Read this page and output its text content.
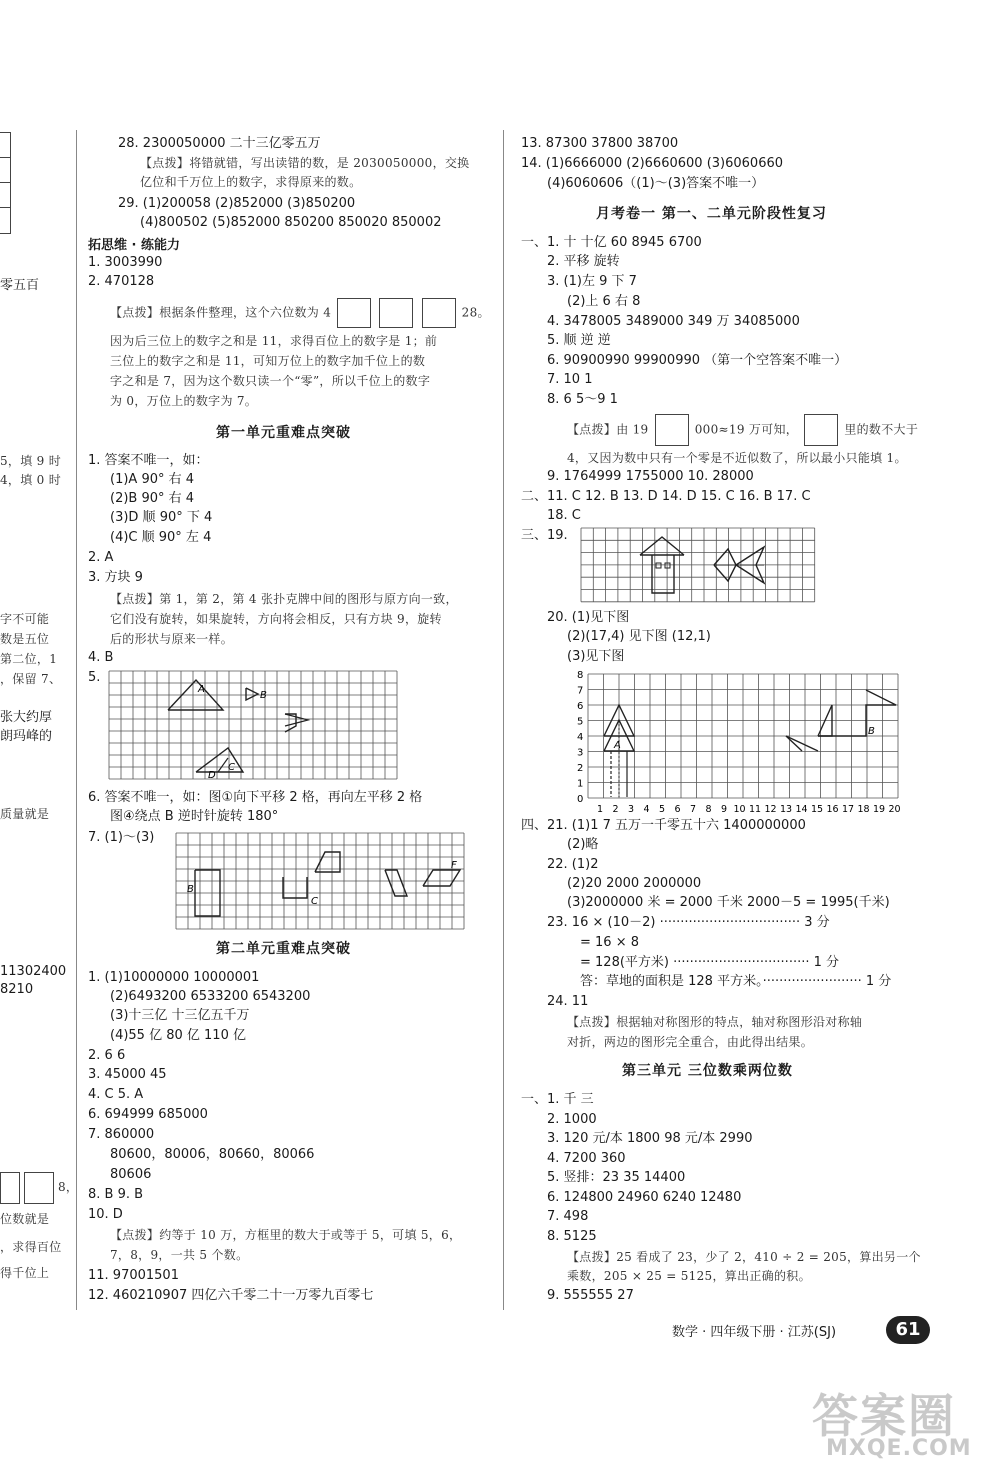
零五百
5，填 9 时
4，填 0 时
字不可能
数是五位
第二位，1
，保留 7、
张大约厚
朗玛峰的
质量就是
11302400
8210
8，
位数就是
，求得百位
得千位上
28. 2300050000 二十三亿零五万
【点拨】将错就错，写出读错的数，是 2030050000，交换
亿位和千万位上的数字，求得原来的数。
29. (1)200058 (2)852000 (3)850200
(4)800502 (5)852000 850200 850020 850002
拓思维 · 练能力
1. 3003990
2. 470128
【点拨】根据条件整理，这个六位数为 4	28。
因为后三位上的数字之和是 11，求得百位上的数字是 1；前
三位上的数字之和是 11，可知万位上的数字加千位上的数
字之和是 7，因为这个数只读一个“零”，所以千位上的数字
为 0，万位上的数字为 7。
第一单元重难点突破
1. 答案不唯一，如：
(1)A 90° 右 4
(2)B 90° 右 4
(3)D 顺 90° 下 4
(4)C 顺 90° 左 4
2. A
3. 方块 9
【点拨】第 1，第 2，第 4 张扑克牌中间的图形与原方向一致，
它们没有旋转，如果旋转，方向将会相反，只有方块 9，旋转
后的形状与原来一样。
4. B
5.
A
B
C
D
6. 答案不唯一，如：图①向下平移 2 格，再向左平移 2 格
图④绕点 B 逆时针旋转 180°
7. (1)～(3)
B
C
F
第二单元重难点突破
1. (1)10000000 10000001
(2)6493200 6533200 6543200
(3)十三亿 十三亿五千万
(4)55 亿 80 亿 110 亿
2. 6 6
3. 45000 45
4. C 5. A
6. 694999 685000
7. 860000
80600，80006，80660，80066
80606
8. B 9. B
10. D
【点拨】约等于 10 万，方框里的数大于或等于 5，可填 5，6，
7，8，9，一共 5 个数。
11. 97001501
12. 460210907 四亿六千零二十一万零九百零七
13. 87300 37800 38700
14. (1)6666000 (2)6660600 (3)6060660
(4)6060606（(1)～(3)答案不唯一）
月考卷一 第一、二单元阶段性复习
一、1. 十 十亿 60 8945 6700
2. 平移 旋转
3. (1)左 9 下 7
(2)上 6 右 8
4. 3478005 3489000 349 万 34085000
5. 顺 逆 逆
6. 90900990 99900990 （第一个空答案不唯一）
7. 10 1
8. 6 5～9 1
【点拨】由 19	000≈19 万可知，	里的数不大于
4，又因为数中只有一个零是不近似数了，所以最小只能填 1。
9. 1764999 1755000 10. 28000
二、11. C 12. B 13. D 14. D 15. C 16. B 17. C
18. C
三、19.
20. (1)见下图
(2)(17,4) 见下图 (12,1)
(3)见下图
8
7
6
5
4
3
2
1
0
1 2 3 4 5 6 7 8 9 10 11 12 13 14 15 16 17 18 19 20
A
B
四、21. (1)1 7 五万一千零五十六 1400000000
(2)略
22. (1)2
(2)20 2000 2000000
(3)2000000 米 = 2000 千米 2000－5 = 1995(千米)
23. 16 × (10－2) ·································· 3 分
= 16 × 8
= 128(平方米) ································· 1 分
答：草地的面积是 128 平方米。························ 1 分
24. 11
【点拨】根据轴对称图形的特点，轴对称图形沿对称轴
对折，两边的图形完全重合，由此得出结果。
第三单元 三位数乘两位数
一、1. 千 三
2. 1000
3. 120 元/本 1800 98 元/本 2990
4. 7200 360
5. 竖排：23 35 14400
6. 124800 24960 6240 12480
7. 498
8. 5125
【点拨】25 看成了 23，少了 2，410 ÷ 2 = 205，算出另一个
乘数，205 × 25 = 5125，算出正确的积。
9. 555555 27
数学 · 四年级下册 · 江苏(SJ)	61
答案圈
MXQE.COM
